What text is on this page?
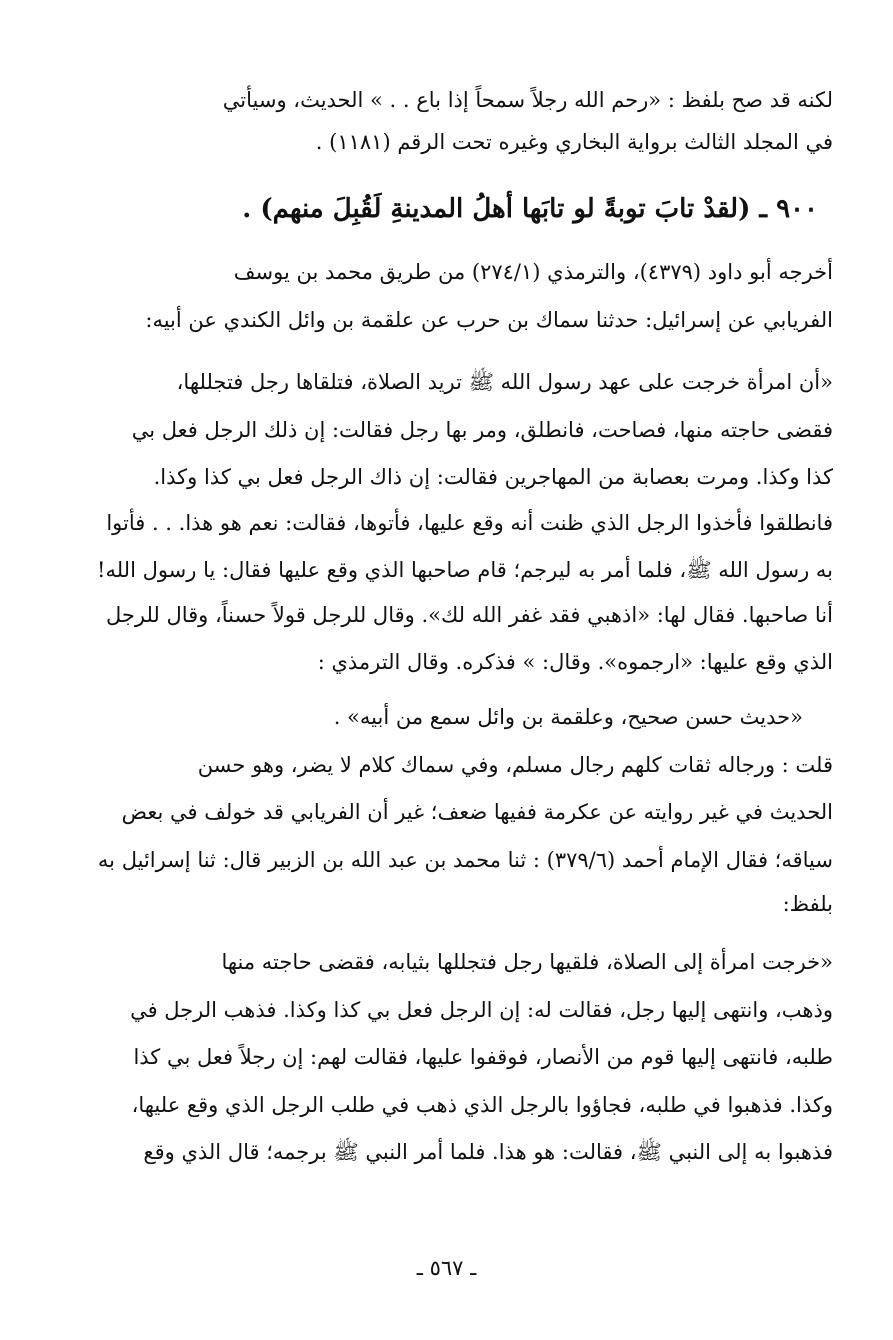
لكنه قد صح بلفظ : «رحم الله رجلاً سمحاً إذا باع . . » الحديث، وسيأتي
في المجلد الثالث برواية البخاري وغيره تحت الرقم (١١٨١) .
٩٠٠ ـ (لقدْ تابَ توبةً لو تابَها أهلُ المدينةِ لَقُبِلَ منهم) .
أخرجه أبو داود (٤٣٧٩)، والترمذي (٢٧٤/١) من طريق محمد بن يوسف
الفريابي عن إسرائيل: حدثنا سماك بن حرب عن علقمة بن وائل الكندي عن أبيه:
«أن امرأة خرجت على عهد رسول الله ﷺ تريد الصلاة، فتلقاها رجل فتجللها،
فقضى حاجته منها، فصاحت، فانطلق، ومر بها رجل فقالت: إن ذلك الرجل فعل بي
كذا وكذا. ومرت بعصابة من المهاجرين فقالت: إن ذاك الرجل فعل بي كذا وكذا.
فانطلقوا فأخذوا الرجل الذي ظنت أنه وقع عليها، فأتوها، فقالت: نعم هو هذا. . . فأتوا
به رسول الله ﷺ، فلما أمر به ليرجم؛ قام صاحبها الذي وقع عليها فقال: يا رسول الله!
أنا صاحبها. فقال لها: «اذهبي فقد غفر الله لك». وقال للرجل قولاً حسناً، وقال للرجل
الذي وقع عليها: «ارجموه». وقال: » فذكره. وقال الترمذي :
«حديث حسن صحيح، وعلقمة بن وائل سمع من أبيه» .
قلت : ورجاله ثقات كلهم رجال مسلم، وفي سماك كلام لا يضر، وهو حسن
الحديث في غير روايته عن عكرمة ففيها ضعف؛ غير أن الفريابي قد خولف في بعض
سياقه؛ فقال الإمام أحمد (٣٧٩/٦) : ثنا محمد بن عبد الله بن الزبير قال: ثنا إسرائيل به
بلفظ:
«خرجت امرأة إلى الصلاة، فلقيها رجل فتجللها بثيابه، فقضى حاجته منها
وذهب، وانتهى إليها رجل، فقالت له: إن الرجل فعل بي كذا وكذا. فذهب الرجل في
طلبه، فانتهى إليها قوم من الأنصار، فوقفوا عليها، فقالت لهم: إن رجلاً فعل بي كذا
وكذا. فذهبوا في طلبه، فجاؤوا بالرجل الذي ذهب في طلب الرجل الذي وقع عليها،
فذهبوا به إلى النبي ﷺ، فقالت: هو هذا. فلما أمر النبي ﷺ برجمه؛ قال الذي وقع
ـ ٥٦٧ ـ
